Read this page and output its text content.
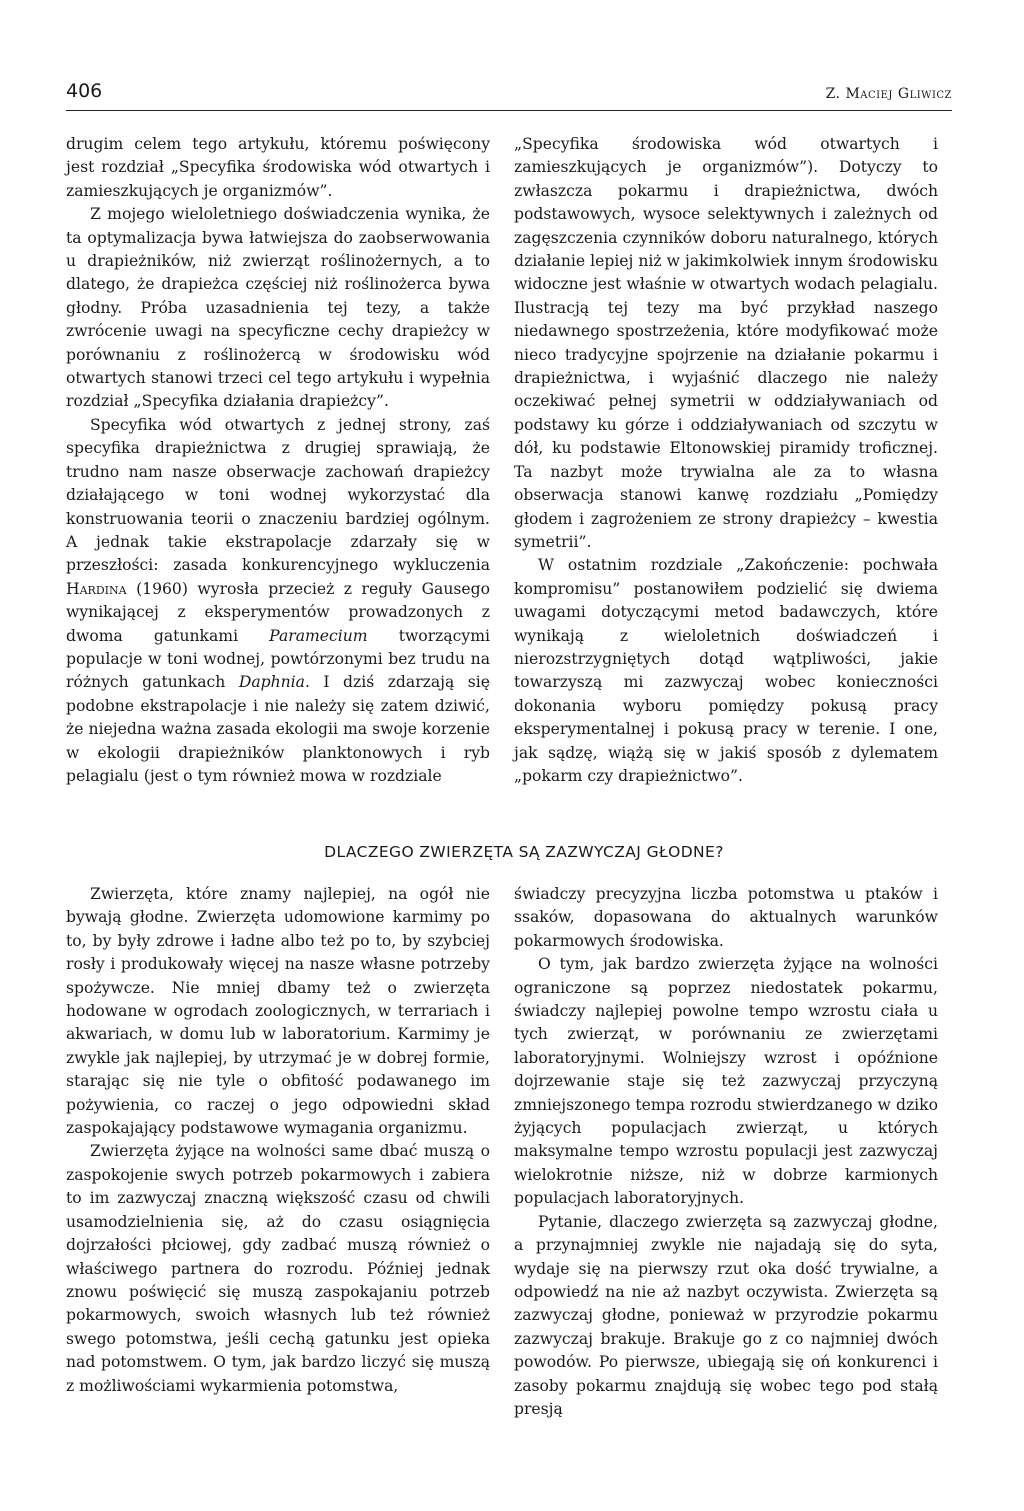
406	Z. Maciej Gliwicz

drugim celem tego artykułu, któremu poświęcony jest rozdział „Specyfika środowiska wód otwartych i zamieszkujących je organizmów”.

Z mojego wieloletniego doświadczenia wynika, że ta optymalizacja bywa łatwiejsza do zaobserwowania u drapieżników, niż zwierząt roślinożernych, a to dlatego, że drapieżca częściej niż roślinożerca bywa głodny. Próba uzasadnienia tej tezy, a także zwrócenie uwagi na specyficzne cechy drapieżcy w porównaniu z roślinożercą w środowisku wód otwartych stanowi trzeci cel tego artykułu i wypełnia rozdział „Specyfika działania drapieżcy”.

Specyfika wód otwartych z jednej strony, zaś specyfika drapieżnictwa z drugiej sprawiają, że trudno nam nasze obserwacje zachowań drapieżcy działającego w toni wodnej wykorzystać dla konstruowania teorii o znaczeniu bardziej ogólnym. A jednak takie ekstrapolacje zdarzały się w przeszłości: zasada konkurencyjnego wykluczenia Hardina (1960) wyrosła przecież z reguły Gausego wynikającej z eksperymentów prowadzonych z dwoma gatunkami Paramecium tworzącymi populacje w toni wodnej, powtórzonymi bez trudu na różnych gatunkach Daphnia. I dziś zdarzają się podobne ekstrapolacje i nie należy się zatem dziwić, że niejedna ważna zasada ekologii ma swoje korzenie w ekologii drapieżników planktonowych i ryb pelagialu (jest o tym również mowa w rozdziale

„Specyfika środowiska wód otwartych i zamieszkujących je organizmów”). Dotyczy to zwłaszcza pokarmu i drapieżnictwa, dwóch podstawowych, wysoce selektywnych i zależnych od zagęszczenia czynników doboru naturalnego, których działanie lepiej niż w jakimkolwiek innym środowisku widoczne jest właśnie w otwartych wodach pelagialu. Ilustracją tej tezy ma być przykład naszego niedawnego spostrzeżenia, które modyfikować może nieco tradycyjne spojrzenie na działanie pokarmu i drapieżnictwa, i wyjaśnić dlaczego nie należy oczekiwać pełnej symetrii w oddziaływaniach od podstawy ku górze i oddziaływaniach od szczytu w dół, ku podstawie Eltonowskiej piramidy troficznej. Ta nazbyt może trywialna ale za to własna obserwacja stanowi kanwę rozdziału „Pomiędzy głodem i zagrożeniem ze strony drapieżcy – kwestia symetrii”.

W ostatnim rozdziale „Zakończenie: pochwała kompromisu” postanowiłem podzielić się dwiema uwagami dotyczącymi metod badawczych, które wynikają z wieloletnich doświadczeń i nierozstrzygniętych dotąd wątpliwości, jakie towarzyszą mi zazwyczaj wobec konieczności dokonania wyboru pomiędzy pokusą pracy eksperymentalnej i pokusą pracy w terenie. I one, jak sądzę, wiążą się w jakiś sposób z dylematem „pokarm czy drapieżnictwo”.

DLACZEGO ZWIERZĘTA SĄ ZAZWYCZAJ GŁODNE?

Zwierzęta, które znamy najlepiej, na ogół nie bywają głodne. Zwierzęta udomowione karmimy po to, by były zdrowe i ładne albo też po to, by szybciej rosły i produkowały więcej na nasze własne potrzeby spożywcze. Nie mniej dbamy też o zwierzęta hodowane w ogrodach zoologicznych, w terrariach i akwariach, w domu lub w laboratorium. Karmimy je zwykle jak najlepiej, by utrzymać je w dobrej formie, starając się nie tyle o obfitość podawanego im pożywienia, co raczej o jego odpowiedni skład zaspokajający podstawowe wymagania organizmu.

Zwierzęta żyjące na wolności same dbać muszą o zaspokojenie swych potrzeb pokarmowych i zabiera to im zazwyczaj znaczną większość czasu od chwili usamodzielnienia się, aż do czasu osiągnięcia dojrzałości płciowej, gdy zadbać muszą również o właściwego partnera do rozrodu. Później jednak znowu poświęcić się muszą zaspokajaniu potrzeb pokarmowych, swoich własnych lub też również swego potomstwa, jeśli cechą gatunku jest opieka nad potomstwem. O tym, jak bardzo liczyć się muszą z możliwościami wykarmienia potomstwa,

świadczy precyzyjna liczba potomstwa u ptaków i ssaków, dopasowana do aktualnych warunków pokarmowych środowiska.

O tym, jak bardzo zwierzęta żyjące na wolności ograniczone są poprzez niedostatek pokarmu, świadczy najlepiej powolne tempo wzrostu ciała u tych zwierząt, w porównaniu ze zwierzętami laboratoryjnymi. Wolniejszy wzrost i opóźnione dojrzewanie staje się też zazwyczaj przyczyną zmniejszonego tempa rozrodu stwierdzanego w dziko żyjących populacjach zwierząt, u których maksymalne tempo wzrostu populacji jest zazwyczaj wielokrotnie niższe, niż w dobrze karmionych populacjach laboratoryjnych.

Pytanie, dlaczego zwierzęta są zazwyczaj głodne, a przynajmniej zwykle nie najadają się do syta, wydaje się na pierwszy rzut oka dość trywialne, a odpowiedź na nie aż nazbyt oczywista. Zwierzęta są zazwyczaj głodne, ponieważ w przyrodzie pokarmu zazwyczaj brakuje. Brakuje go z co najmniej dwóch powodów. Po pierwsze, ubiegają się oń konkurenci i zasoby pokarmu znajdują się wobec tego pod stałą presją
